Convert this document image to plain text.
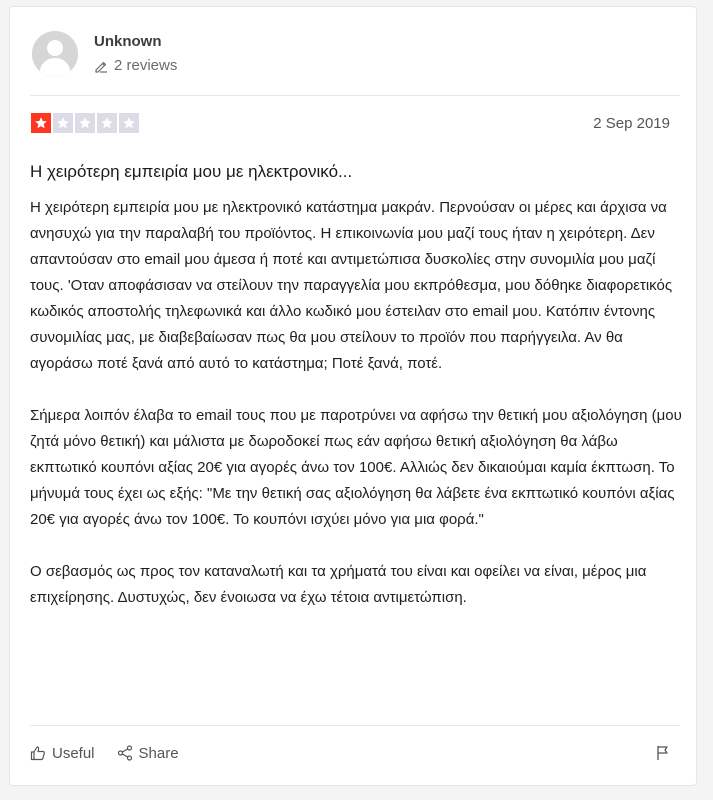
Unknown
2 reviews
2 Sep 2019
Η χειρότερη εμπειρία μου με ηλεκτρονικό...

Η χειρότερη εμπειρία μου με ηλεκτρονικό κατάστημα μακράν. Περνούσαν οι μέρες και άρχισα να ανησυχώ για την παραλαβή του προϊόντος. Η επικοινωνία μου μαζί τους ήταν η χειρότερη. Δεν απαντούσαν στο email μου άμεσα ή ποτέ και αντιμετώπισα δυσκολίες στην συνομιλία μου μαζί τους. 'Οταν αποφάσισαν να στείλουν την παραγγελία μου εκπρόθεσμα, μου δόθηκε διαφορετικός κωδικός αποστολής τηλεφωνικά και άλλο κωδικό μου έστειλαν στο email μου. Κατόπιν έντονης συνομιλίας μας, με διαβεβαίωσαν πως θα μου στείλουν το προϊόν που παρήγγειλα. Αν θα αγοράσω ποτέ ξανά από αυτό το κατάστημα; Ποτέ ξανά, ποτέ.

Σήμερα λοιπόν έλαβα το email τους που με παροτρύνει να αφήσω την θετική μου αξιολόγηση (μου ζητά μόνο θετική) και μάλιστα με δωροδοκεί πως εάν αφήσω θετική αξιολόγηση θα λάβω εκπτωτικό κουπόνι αξίας 20€ για αγορές άνω τον 100€. Αλλιώς δεν δικαιούμαι καμία έκπτωση. Το μήνυμά τους έχει ως εξής: "Με την θετική σας αξιολόγηση θα λάβετε ένα εκπτωτικό κουπόνι αξίας 20€ για αγορές άνω τον 100€. Το κουπόνι ισχύει μόνο για μια φορά."

Ο σεβασμός ως προς τον καταναλωτή και τα χρήματά του είναι και οφείλει να είναι, μέρος μια επιχείρησης. Δυστυχώς, δεν ένοιωσα να έχω τέτοια αντιμετώπιση.

Useful	Share
